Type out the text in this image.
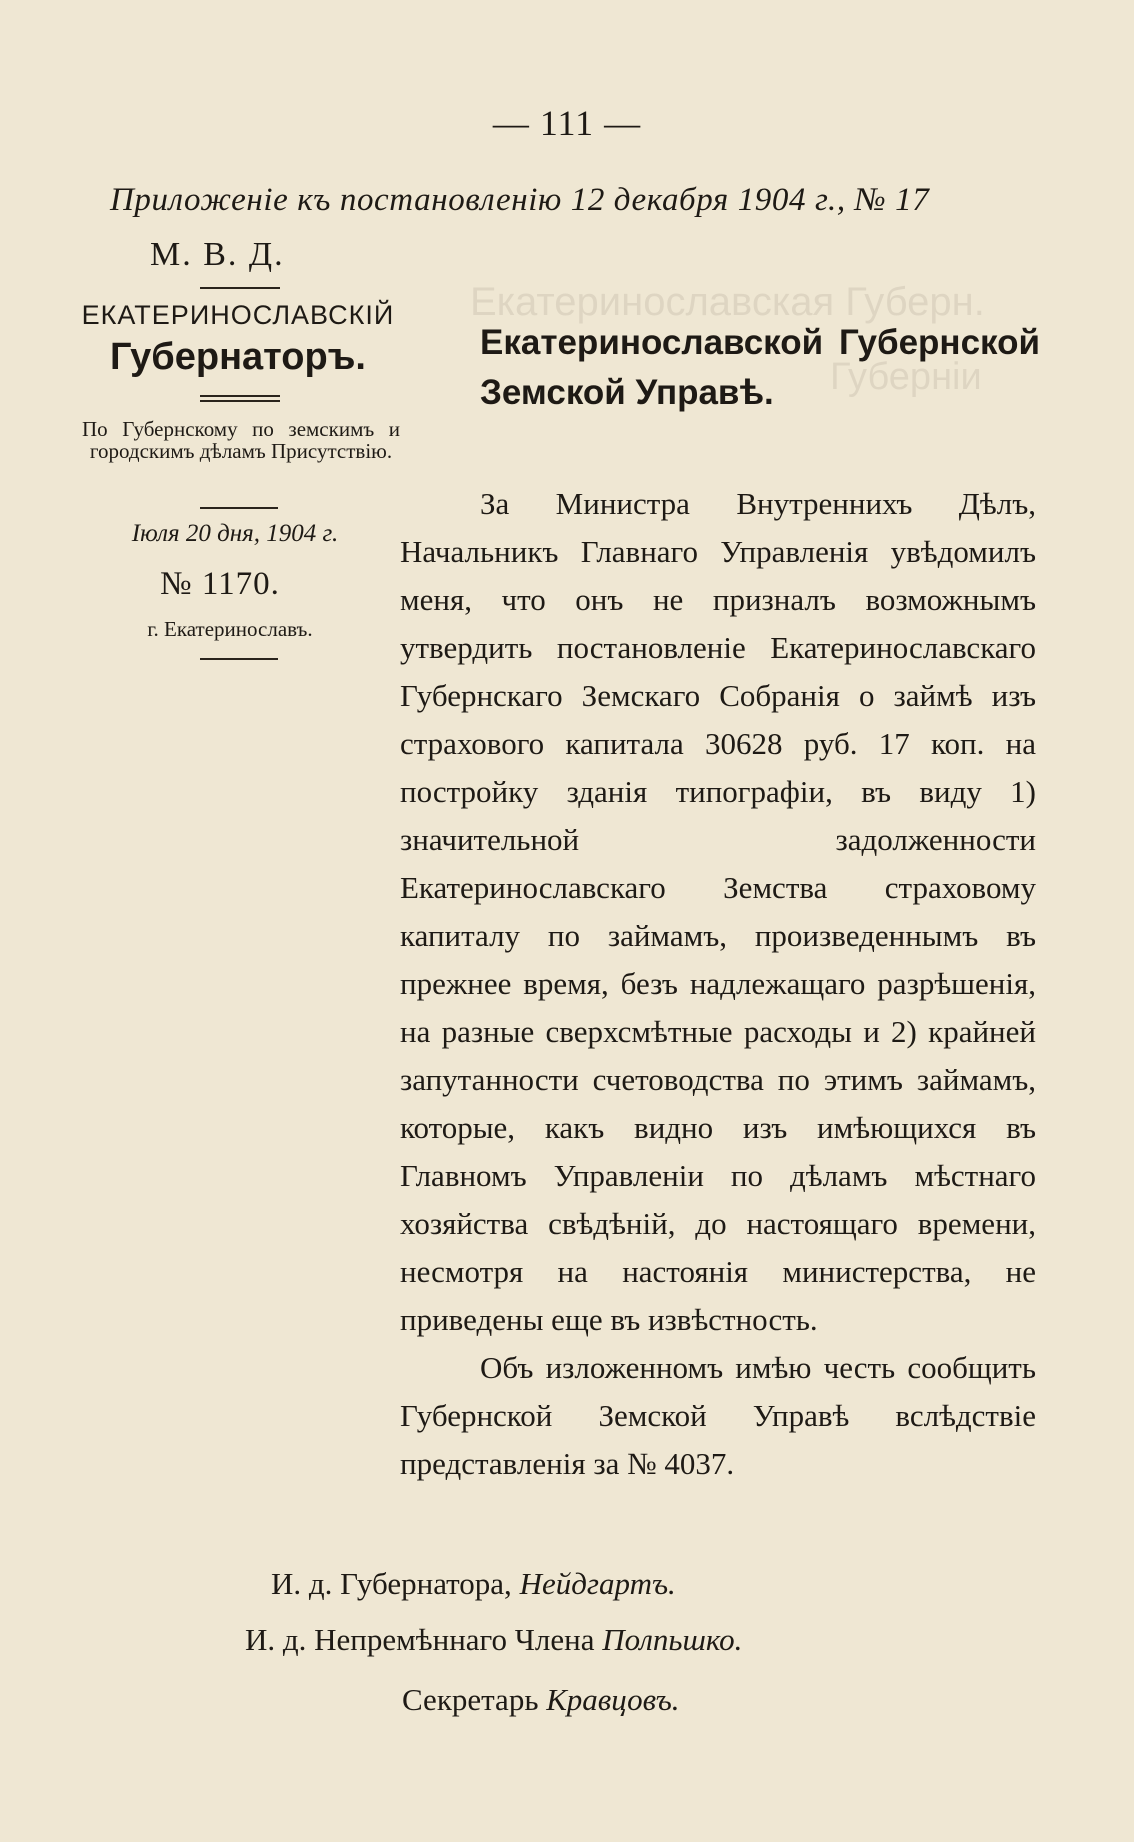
Екатеринославская Губерн.
Губерніи
— 111 —
Приложеніе къ постановленію 12 декабря 1904 г., № 17
М. В. Д.
ЕКАТЕРИНОСЛАВСКІЙ
Губернаторъ.
По Губернскому по земскимъ и городскимъ дѣламъ Присутствію.
Іюля 20 дня, 1904 г.
№ 1170.
г. Екатеринославъ.
Екатеринославской Губернской Земской Управѣ.

За Министра Внутреннихъ Дѣлъ, Начальникъ Главнаго Управленія увѣдомилъ меня, что онъ не призналъ возможнымъ утвердить постановленіе Екатеринославскаго Губернскаго Земскаго Собранія о займѣ изъ страхового капитала 30628 руб. 17 коп. на постройку зданія типографіи, въ виду 1) значительной задолженности Екатеринославскаго Земства страховому капиталу по займамъ, произведеннымъ въ прежнее время, безъ надлежащаго разрѣшенія, на разные сверхсмѣтные расходы и 2) крайней запутанности счетоводства по этимъ займамъ, которые, какъ видно изъ имѣющихся въ Главномъ Управленіи по дѣламъ мѣстнаго хозяйства свѣдѣній, до настоящаго времени, несмотря на настоянія министерства, не приведены еще въ извѣстность.

Объ изложенномъ имѣю честь сообщить Губернской Земской Управѣ вслѣдствіе представленія за № 4037.

И. д. Губернатора, Нейдгартъ.
И. д. Непремѣннаго Члена Полпьшко.
Секретарь Кравцовъ.
